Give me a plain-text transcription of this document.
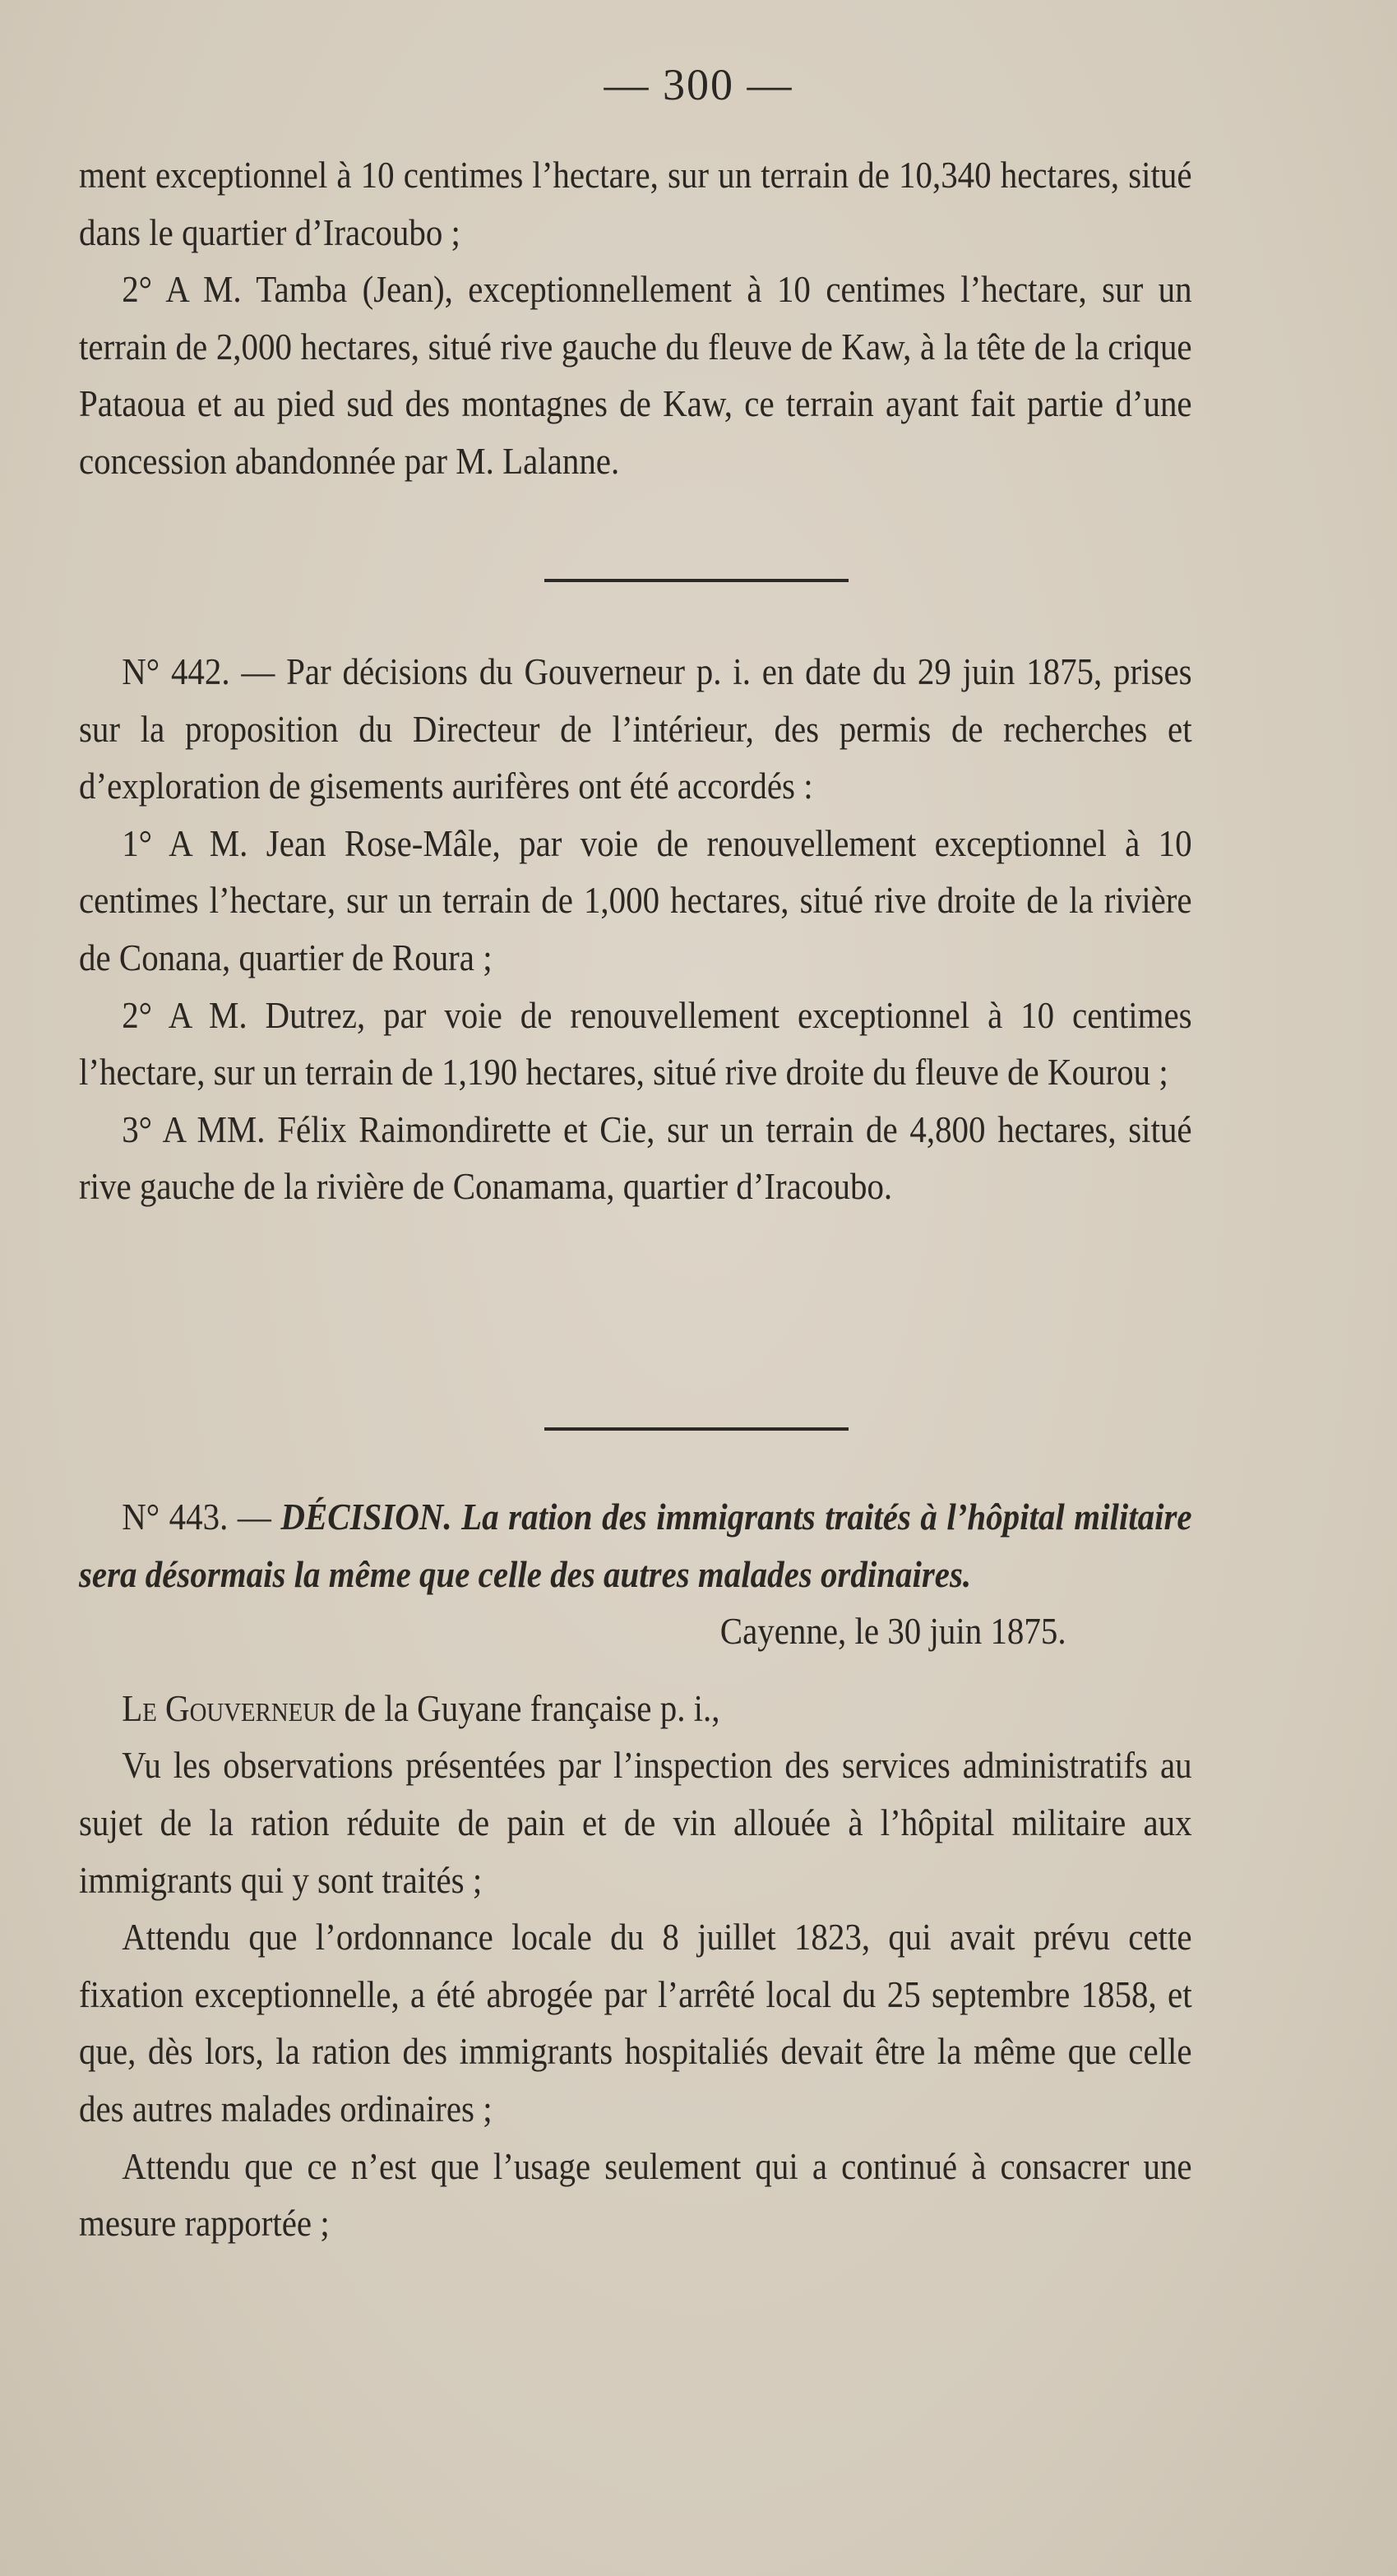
— 300 —

ment exceptionnel à 10 centimes l’hectare, sur un terrain de 10,340 hectares, situé dans le quartier d’Iracoubo ;

2° A M. Tamba (Jean), exceptionnellement à 10 centimes l’hectare, sur un terrain de 2,000 hectares, situé rive gauche du fleuve de Kaw, à la tête de la crique Pataoua et au pied sud des montagnes de Kaw, ce terrain ayant fait partie d’une concession abandonnée par M. Lalanne.

N° 442. — Par décisions du Gouverneur p. i. en date du 29 juin 1875, prises sur la proposition du Directeur de l’intérieur, des permis de recherches et d’exploration de gisements aurifères ont été accordés :

1° A M. Jean Rose-Mâle, par voie de renouvellement exceptionnel à 10 centimes l’hectare, sur un terrain de 1,000 hectares, situé rive droite de la rivière de Conana, quartier de Roura ;

2° A M. Dutrez, par voie de renouvellement exceptionnel à 10 centimes l’hectare, sur un terrain de 1,190 hectares, situé rive droite du fleuve de Kourou ;

3° A MM. Félix Raimondirette et Cie, sur un terrain de 4,800 hectares, situé rive gauche de la rivière de Conamama, quartier d’Iracoubo.

N° 443. — DÉCISION. La ration des immigrants traités à l’hôpital militaire sera désormais la même que celle des autres malades ordinaires.

Cayenne, le 30 juin 1875.

Le Gouverneur de la Guyane française p. i.,

Vu les observations présentées par l’inspection des services administratifs au sujet de la ration réduite de pain et de vin allouée à l’hôpital militaire aux immigrants qui y sont traités ;

Attendu que l’ordonnance locale du 8 juillet 1823, qui avait prévu cette fixation exceptionnelle, a été abrogée par l’arrêté local du 25 septembre 1858, et que, dès lors, la ration des immigrants hospitaliés devait être la même que celle des autres malades ordinaires ;

Attendu que ce n’est que l’usage seulement qui a continué à consacrer une mesure rapportée ;
